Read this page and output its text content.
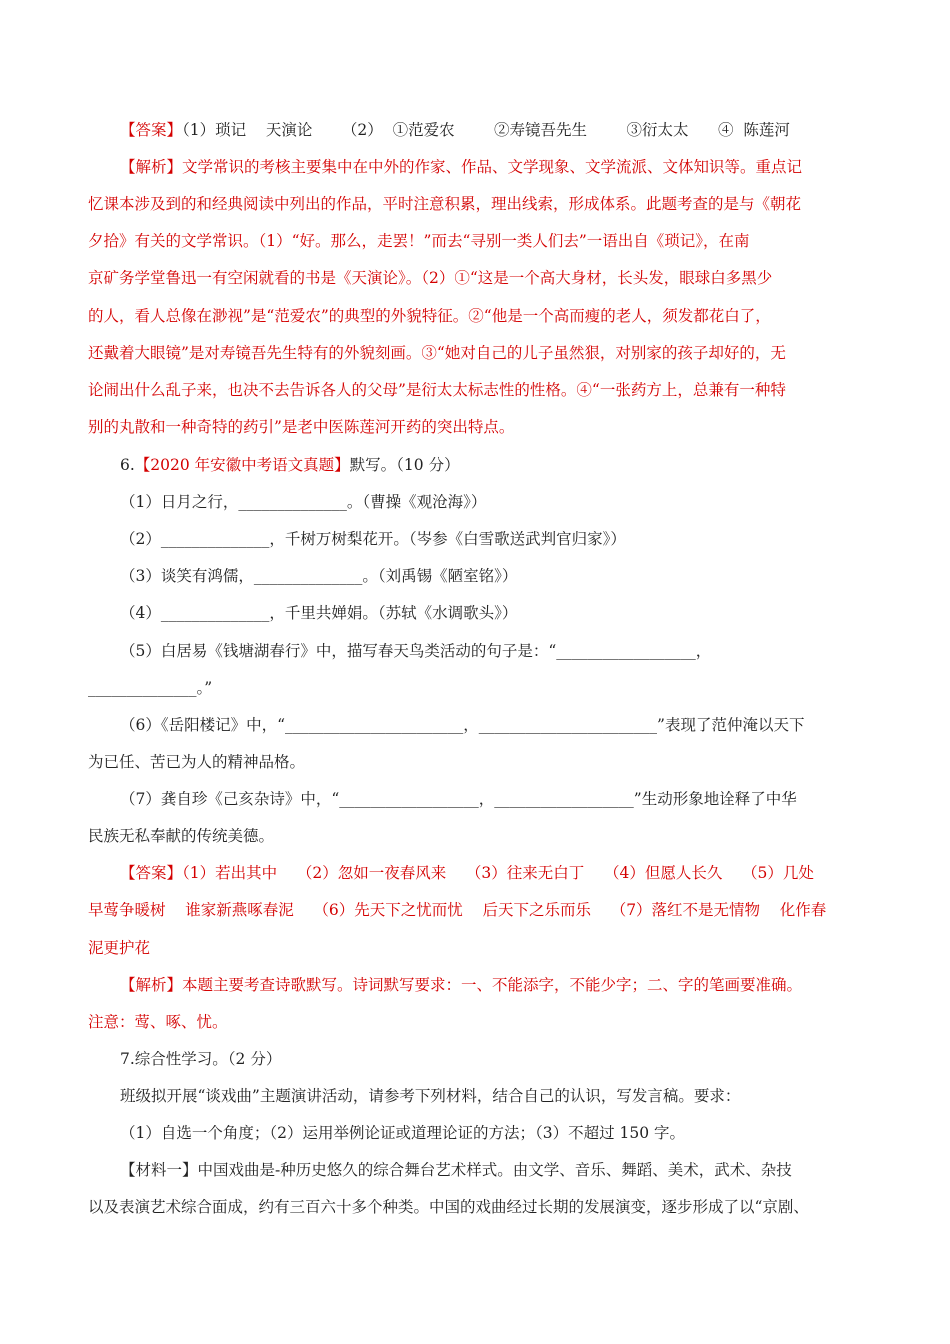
【答案】（1）琐记    天演论      （2）  ①范爱农        ②寿镜吾先生        ③衍太太      ④  陈莲河
【解析】文学常识的考核主要集中在中外的作家、作品、文学现象、文学流派、文体知识等。重点记
忆课本涉及到的和经典阅读中列出的作品，平时注意积累，理出线索，形成体系。此题考查的是与《朝花
夕拾》有关的文学常识。（1）“好。那么，走罢！”而去“寻别一类人们去”一语出自《琐记》，在南
京矿务学堂鲁迅一有空闲就看的书是《天演论》。（2）①“这是一个高大身材，长头发，眼球白多黑少
的人，看人总像在渺视”是“范爱农”的典型的外貌特征。②“他是一个高而瘦的老人，须发都花白了，
还戴着大眼镜”是对寿镜吾先生特有的外貌刻画。③“她对自己的儿子虽然狠，对别家的孩子却好的，无
论闹出什么乱子来，也决不去告诉各人的父母”是衍太太标志性的性格。④“一张药方上，总兼有一种特
别的丸散和一种奇特的药引”是老中医陈莲河开药的突出特点。
6.【2020 年安徽中考语文真题】默写。（10 分）
（1）日月之行，______________。（曹操《观沧海》）
（2）______________，千树万树梨花开。（岑参《白雪歌送武判官归家》）
（3）谈笑有鸿儒，______________。（刘禹锡《陋室铭》）
（4）______________，千里共婵娟。（苏轼《水调歌头》）
（5）白居易《钱塘湖春行》中，描写春天鸟类活动的句子是：“__________________，
______________。”
（6）《岳阳楼记》中，“_______________________，_______________________”表现了范仲淹以天下
为已任、苦已为人的精神品格。
（7）龚自珍《己亥杂诗》中，“__________________，__________________”生动形象地诠释了中华
民族无私奉献的传统美德。
【答案】（1）若出其中    （2）忽如一夜春风来    （3）往来无白丁    （4）但愿人长久    （5）几处
早莺争暖树    谁家新燕啄春泥    （6）先天下之忧而忧    后天下之乐而乐    （7）落红不是无情物    化作春
泥更护花
【解析】本题主要考查诗歌默写。诗词默写要求：一、不能添字，不能少字；二、字的笔画要准确。
注意：莺、啄、忧。
7.综合性学习。（2 分）
班级拟开展“谈戏曲”主题演讲活动，请参考下列材料，结合自己的认识，写发言稿。要求：
（1）自选一个角度；（2）运用举例论证或道理论证的方法；（3）不超过 150 字。
【材料一】中国戏曲是-种历史悠久的综合舞台艺术样式。由文学、音乐、舞蹈、美术，武术、杂技
以及表演艺术综合面成，约有三百六十多个种类。中国的戏曲经过长期的发展演变，逐步形成了以“京剧、
